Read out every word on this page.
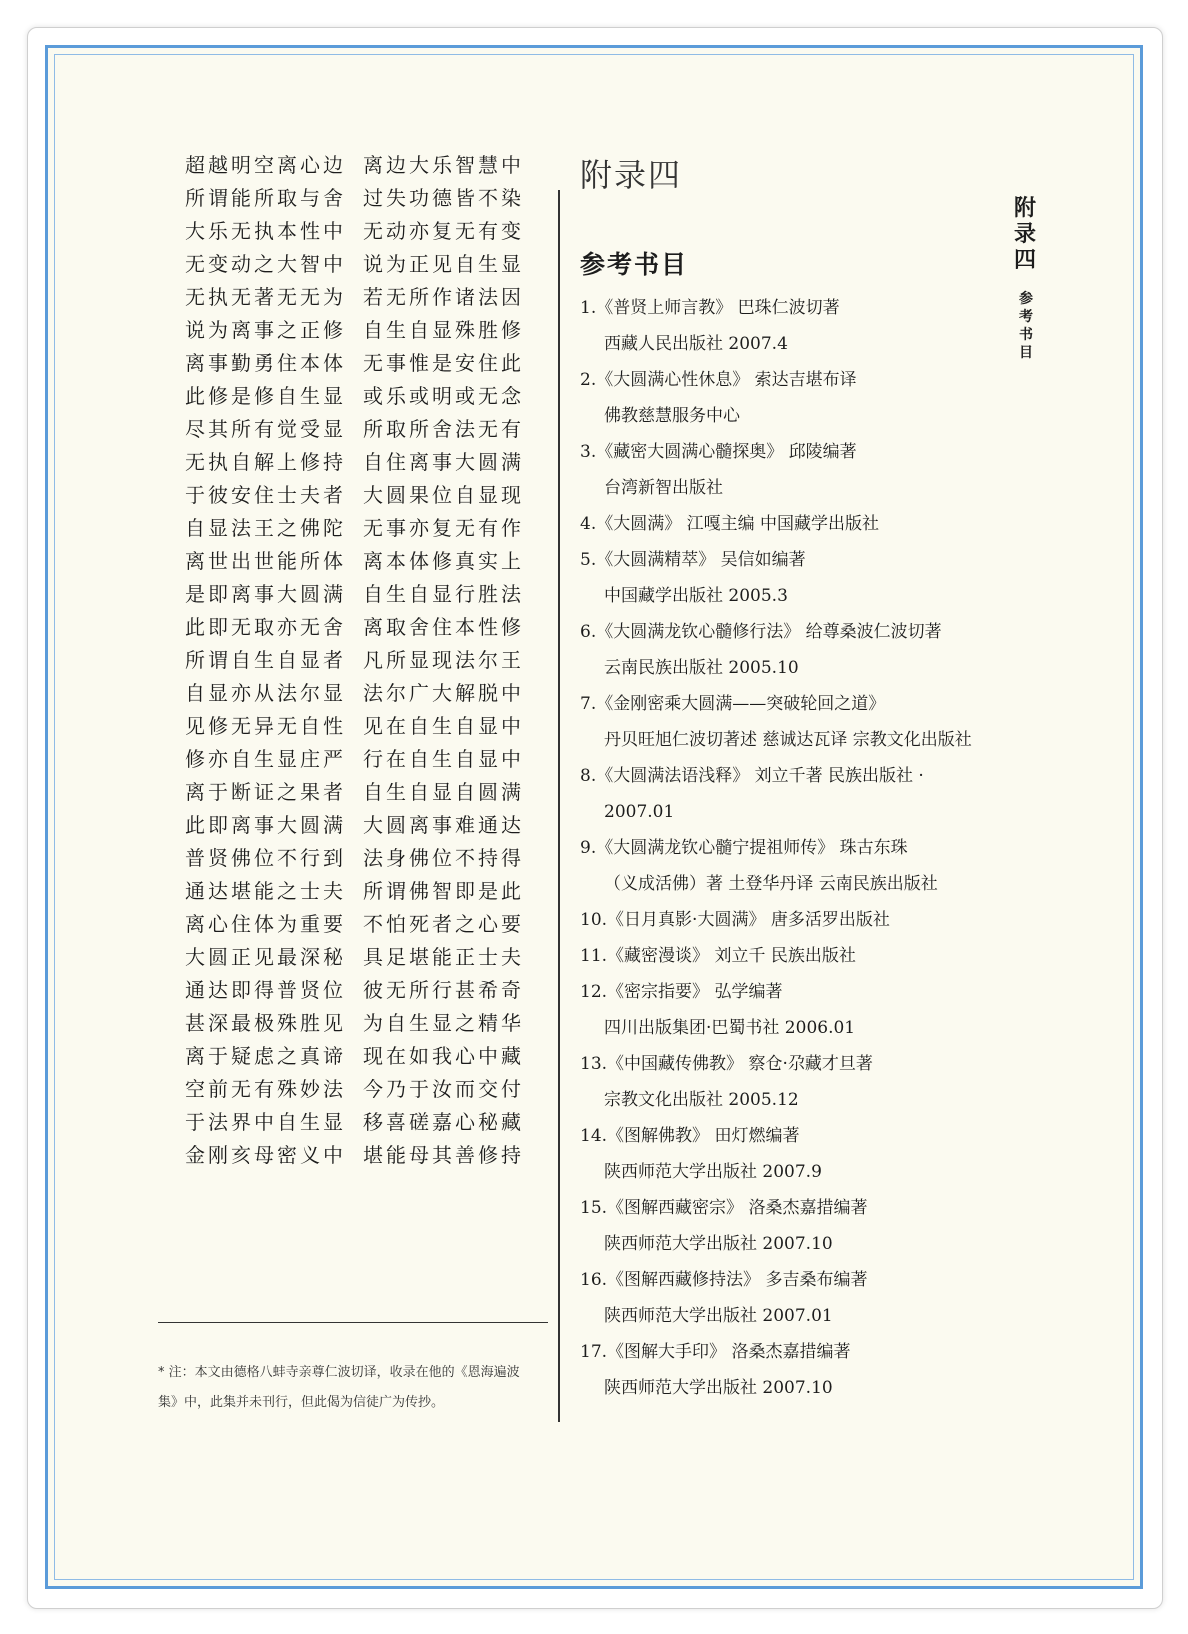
超越明空离心边 离边大乐智慧中
所谓能所取与舍 过失功德皆不染
大乐无执本性中 无动亦复无有变
无变动之大智中 说为正见自生显
无执无著无无为 若无所作诸法因
说为离事之正修 自生自显殊胜修
离事勤勇住本体 无事惟是安住此
此修是修自生显 或乐或明或无念
尽其所有觉受显 所取所舍法无有
无执自解上修持 自住离事大圆满
于彼安住士夫者 大圆果位自显现
自显法王之佛陀 无事亦复无有作
离世出世能所体 离本体修真实上
是即离事大圆满 自生自显行胜法
此即无取亦无舍 离取舍住本性修
所谓自生自显者 凡所显现法尔王
自显亦从法尔显 法尔广大解脱中
见修无异无自性 见在自生自显中
修亦自生显庄严 行在自生自显中
离于断证之果者 自生自显自圆满
此即离事大圆满 大圆离事难通达
普贤佛位不行到 法身佛位不持得
通达堪能之士夫 所谓佛智即是此
离心住体为重要 不怕死者之心要
大圆正见最深秘 具足堪能正士夫
通达即得普贤位 彼无所行甚希奇
甚深最极殊胜见 为自生显之精华
离于疑虑之真谛 现在如我心中藏
空前无有殊妙法 今乃于汝而交付
于法界中自生显 移喜磋嘉心秘藏
金刚亥母密义中 堪能母其善修持
* 注：本文由德格八蚌寺亲尊仁波切译，收录在他的《恩海遍波
集》中，此集并未刊行，但此偈为信徒广为传抄。
附录四
参考书目
1.《普贤上师言教》 巴珠仁波切著
西藏人民出版社 2007.4
2.《大圆满心性休息》 索达吉堪布译
佛教慈慧服务中心
3.《藏密大圆满心髓探奥》 邱陵编著
台湾新智出版社
4.《大圆满》 江嘎主编 中国藏学出版社
5.《大圆满精萃》 吴信如编著
中国藏学出版社 2005.3
6.《大圆满龙钦心髓修行法》 给尊桑波仁波切著
云南民族出版社 2005.10
7.《金刚密乘大圆满——突破轮回之道》
丹贝旺旭仁波切著述 慈诚达瓦译 宗教文化出版社
8.《大圆满法语浅释》 刘立千著 民族出版社 ·
2007.01
9.《大圆满龙钦心髓宁提祖师传》 珠古东珠
（义成活佛）著 土登华丹译 云南民族出版社
10.《日月真影·大圆满》 唐多活罗出版社
11.《藏密漫谈》 刘立千 民族出版社
12.《密宗指要》 弘学编著
四川出版集团·巴蜀书社 2006.01
13.《中国藏传佛教》 察仓·尕藏才旦著
宗教文化出版社 2005.12
14.《图解佛教》 田灯燃编著
陕西师范大学出版社 2007.9
15.《图解西藏密宗》 洛桑杰嘉措编著
陕西师范大学出版社 2007.10
16.《图解西藏修持法》 多吉桑布编著
陕西师范大学出版社 2007.01
17.《图解大手印》 洛桑杰嘉措编著
陕西师范大学出版社 2007.10
附
录
四
参
考
书
目
